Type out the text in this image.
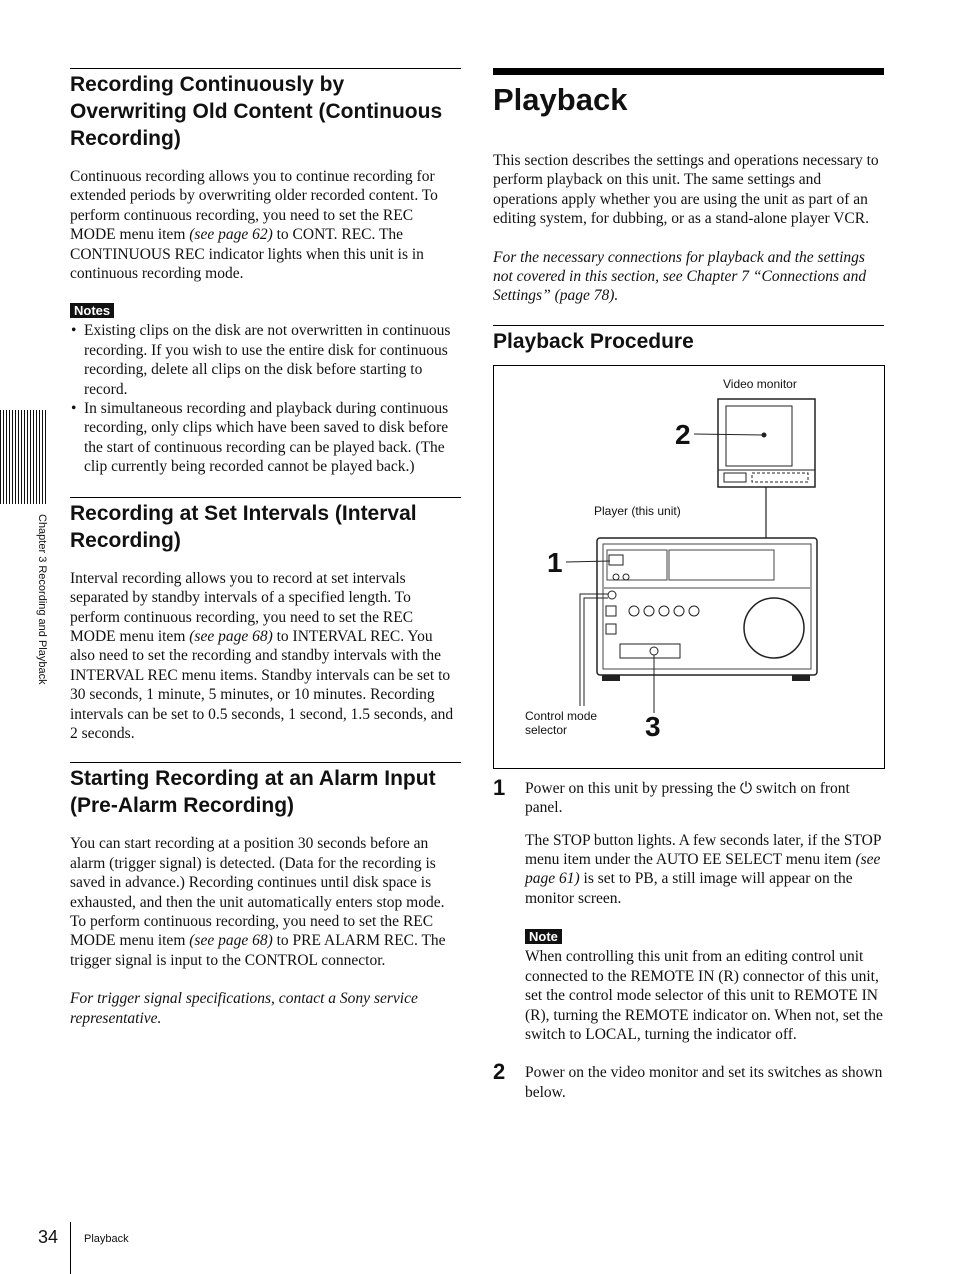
Recording Continuously by Overwriting Old Content (Continuous Recording)

Continuous recording allows you to continue recording for extended periods by overwriting older recorded content. To perform continuous recording, you need to set the REC MODE menu item (see page 62) to CONT. REC. The CONTINUOUS REC indicator lights when this unit is in continuous recording mode.

Notes
• Existing clips on the disk are not overwritten in continuous recording. If you wish to use the entire disk for continuous recording, delete all clips on the disk before starting to record.
• In simultaneous recording and playback during continuous recording, only clips which have been saved to disk before the start of continuous recording can be played back. (The clip currently being recorded cannot be played back.)
Recording at Set Intervals (Interval Recording)

Interval recording allows you to record at set intervals separated by standby intervals of a specified length. To perform continuous recording, you need to set the REC MODE menu item (see page 68) to INTERVAL REC. You also need to set the recording and standby intervals with the INTERVAL REC menu items. Standby intervals can be set to 30 seconds, 1 minute, 5 minutes, or 10 minutes. Recording intervals can be set to 0.5 seconds, 1 second, 1.5 seconds, and 2 seconds.

Starting Recording at an Alarm Input (Pre-Alarm Recording)

You can start recording at a position 30 seconds before an alarm (trigger signal) is detected. (Data for the recording is saved in advance.) Recording continues until disk space is exhausted, and then the unit automatically enters stop mode. To perform continuous recording, you need to set the REC MODE menu item (see page 68) to PRE ALARM REC. The trigger signal is input to the CONTROL connector.

For trigger signal specifications, contact a Sony service representative.

Playback

This section describes the settings and operations necessary to perform playback on this unit. The same settings and operations apply whether you are using the unit as part of an editing system, for dubbing, or as a stand-alone player VCR.

For the necessary connections for playback and the settings not covered in this section, see Chapter 7 “Connections and Settings” (page 78).

Playback Procedure
Video monitor
Player (this unit)
Control mode
selector
2
1
3
1 Power on this unit by pressing the ⏻ switch on front panel.

The STOP button lights. A few seconds later, if the STOP menu item under the AUTO EE SELECT menu item (see page 61) is set to PB, a still image will appear on the monitor screen.

Note

When controlling this unit from an editing control unit connected to the REMOTE IN (R) connector of this unit, set the control mode selector of this unit to REMOTE IN (R), turning the REMOTE indicator on. When not, set the switch to LOCAL, turning the indicator off.

2 Power on the video monitor and set its switches as shown below.

Chapter 3 Recording and Playback
34 Playback
